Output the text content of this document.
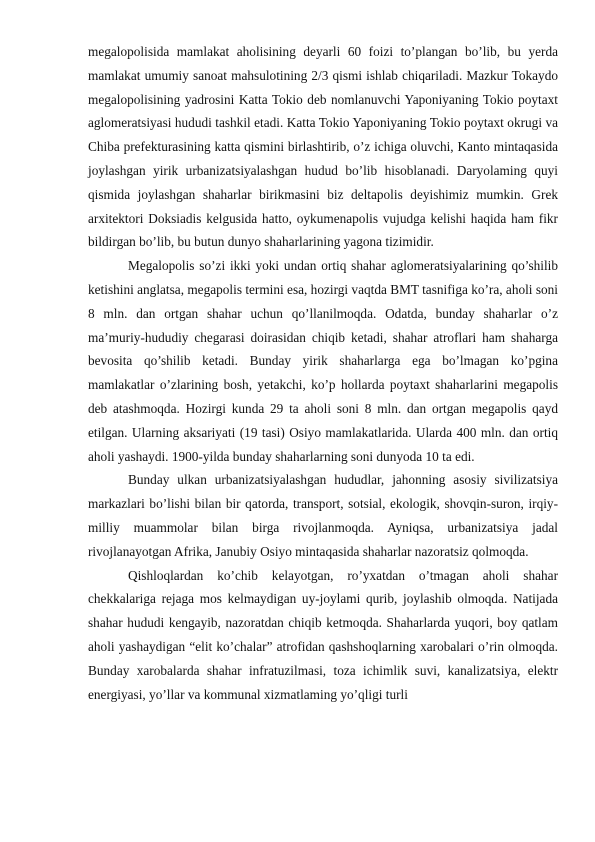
megalopolisida mamlakat aholisining deyarli 60 foizi to’plangan bo’lib, bu yerda mamlakat umumiy sanoat mahsulotining 2/3 qismi ishlab chiqariladi. Mazkur Tokaydo megalopolisining yadrosini Katta Tokio deb nomlanuvchi Yaponiyaning Tokio poytaxt aglomeratsiyasi hududi tashkil etadi. Katta Tokio Yaponiyaning Tokio poytaxt okrugi va Chiba prefekturasining katta qismini birlashtirib, o’z ichiga oluvchi, Kanto mintaqasida joylashgan yirik urbanizatsiyalashgan hudud bo’lib hisoblanadi. Daryolaming quyi qismida joylashgan shaharlar birikmasini biz deltapolis deyishimiz mumkin. Grek arxitektori Doksiadis kelgusida hatto, oykumenapolis vujudga kelishi haqida ham fikr bildirgan bo’lib, bu butun dunyo shaharlarining yagona tizimidir.

Megalopolis so’zi ikki yoki undan ortiq shahar aglomeratsiyalarining qo’shilib ketishini anglatsa, megapolis termini esa, hozirgi vaqtda BMT tasnifiga ko’ra, aholi soni 8 mln. dan ortgan shahar uchun qo’llanilmoqda. Odatda, bunday shaharlar o’z ma’muriy-hududiy chegarasi doirasidan chiqib ketadi, shahar atroflari ham shaharga bevosita qo’shilib ketadi. Bunday yirik shaharlarga ega bo’lmagan ko’pgina mamlakatlar o’zlarining bosh, yetakchi, ko’p hollarda poytaxt shaharlarini megapolis deb atashmoqda. Hozirgi kunda 29 ta aholi soni 8 mln. dan ortgan megapolis qayd etilgan. Ularning aksariyati (19 tasi) Osiyo mamlakatlarida. Ularda 400 mln. dan ortiq aholi yashaydi. 1900-yilda bunday shaharlarning soni dunyoda 10 ta edi.

Bunday ulkan urbanizatsiyalashgan hududlar, jahonning asosiy sivilizatsiya markazlari bo’lishi bilan bir qatorda, transport, sotsial, ekologik, shovqin-suron, irqiy-milliy muammolar bilan birga rivojlanmoqda. Ayniqsa, urbanizatsiya jadal rivojlanayotgan Afrika, Janubiy Osiyo mintaqasida shaharlar nazoratsiz qolmoqda.

Qishloqlardan ko’chib kelayotgan, ro’yxatdan o’tmagan aholi shahar chekkalariga rejaga mos kelmaydigan uy-joylami qurib, joylashib olmoqda. Natijada shahar hududi kengayib, nazoratdan chiqib ketmoqda. Shaharlarda yuqori, boy qatlam aholi yashaydigan “elit ko’chalar” atrofidan qashshoqlarning xarobalari o’rin olmoqda. Bunday xarobalarda shahar infratuzilmasi, toza ichimlik suvi, kanalizatsiya, elektr energiyasi, yo’llar va kommunal xizmatlaming yo’qligi turli
